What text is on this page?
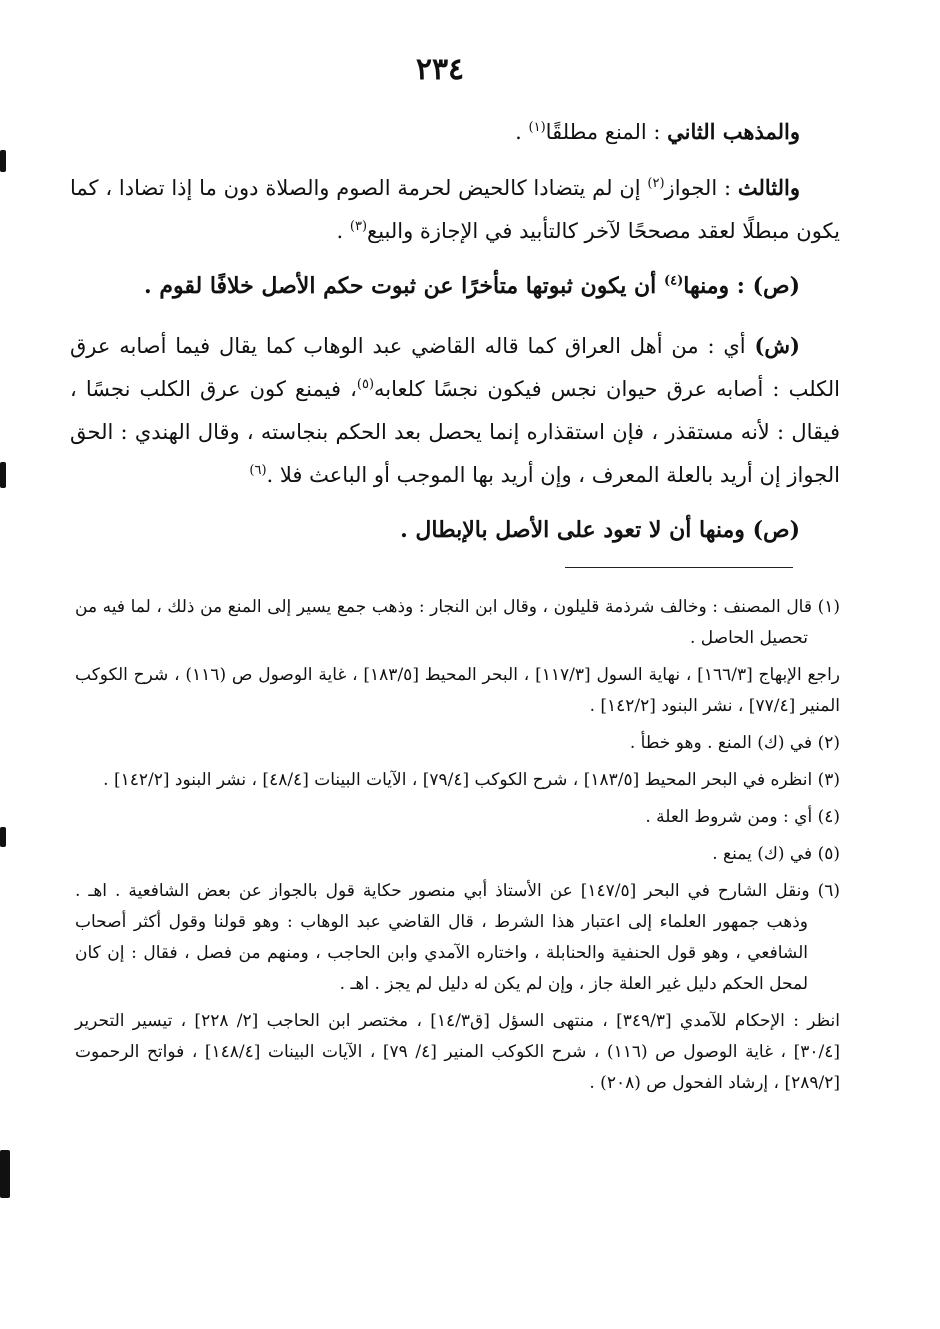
٢٣٤

والمذهب الثاني : المنع مطلقًا$^{(١)}$ .

والثالث : الجواز$^{(٢)}$ إن لم يتضادا كالحيض لحرمة الصوم والصلاة دون ما إذا تضادا ، كما يكون مبطلًا لعقد مصححًا لآخر كالتأبيد في الإجازة والبيع$^{(٣)}$ .

(ص) : ومنها$^{(٤)}$ أن يكون ثبوتها متأخرًا عن ثبوت حكم الأصل خلافًا لقوم .

(ش) أي : من أهل العراق كما قاله القاضي عبد الوهاب كما يقال فيما أصابه عرق الكلب : أصابه عرق حيوان نجس فيكون نجسًا كلعابه$^{(٥)}$، فيمنع كون عرق الكلب نجسًا ، فيقال : لأنه مستقذر ، فإن استقذاره إنما يحصل بعد الحكم بنجاسته ، وقال الهندي : الحق الجواز إن أريد بالعلة المعرف ، وإن أريد بها الموجب أو الباعث فلا .$^{(٦)}$

(ص) ومنها أن لا تعود على الأصل بالإبطال .

(١) قال المصنف : وخالف شرذمة قليلون ، وقال ابن النجار : وذهب جمع يسير إلى المنع من ذلك ، لما فيه من تحصيل الحاصل .

راجع الإبهاج [١٦٦/٣] ، نهاية السول [١١٧/٣] ، البحر المحيط [١٨٣/٥] ، غاية الوصول ص (١١٦) ، شرح الكوكب المنير [٧٧/٤] ، نشر البنود [١٤٢/٢] .

(٢) في (ك) المنع . وهو خطأ .

(٣) انظره في البحر المحيط [١٨٣/٥] ، شرح الكوكب [٧٩/٤] ، الآيات البينات [٤٨/٤] ، نشر البنود [١٤٢/٢] .

(٤) أي : ومن شروط العلة .

(٥) في (ك) يمنع .

(٦) ونقل الشارح في البحر [١٤٧/٥] عن الأستاذ أبي منصور حكاية قول بالجواز عن بعض الشافعية . اهـ . وذهب جمهور العلماء إلى اعتبار هذا الشرط ، قال القاضي عبد الوهاب : وهو قولنا وقول أكثر أصحاب الشافعي ، وهو قول الحنفية والحنابلة ، واختاره الآمدي وابن الحاجب ، ومنهم من فصل ، فقال : إن كان لمحل الحكم دليل غير العلة جاز ، وإن لم يكن له دليل لم يجز . اهـ .

انظر : الإحكام للآمدي [٣٤٩/٣] ، منتهى السؤل [ق١٤/٣] ، مختصر ابن الحاجب [٢/ ٢٢٨] ، تيسير التحرير [٣٠/٤] ، غاية الوصول ص (١١٦) ، شرح الكوكب المنير [٤/ ٧٩] ، الآيات البينات [١٤٨/٤] ، فواتح الرحموت [٢٨٩/٢] ، إرشاد الفحول ص (٢٠٨) .
